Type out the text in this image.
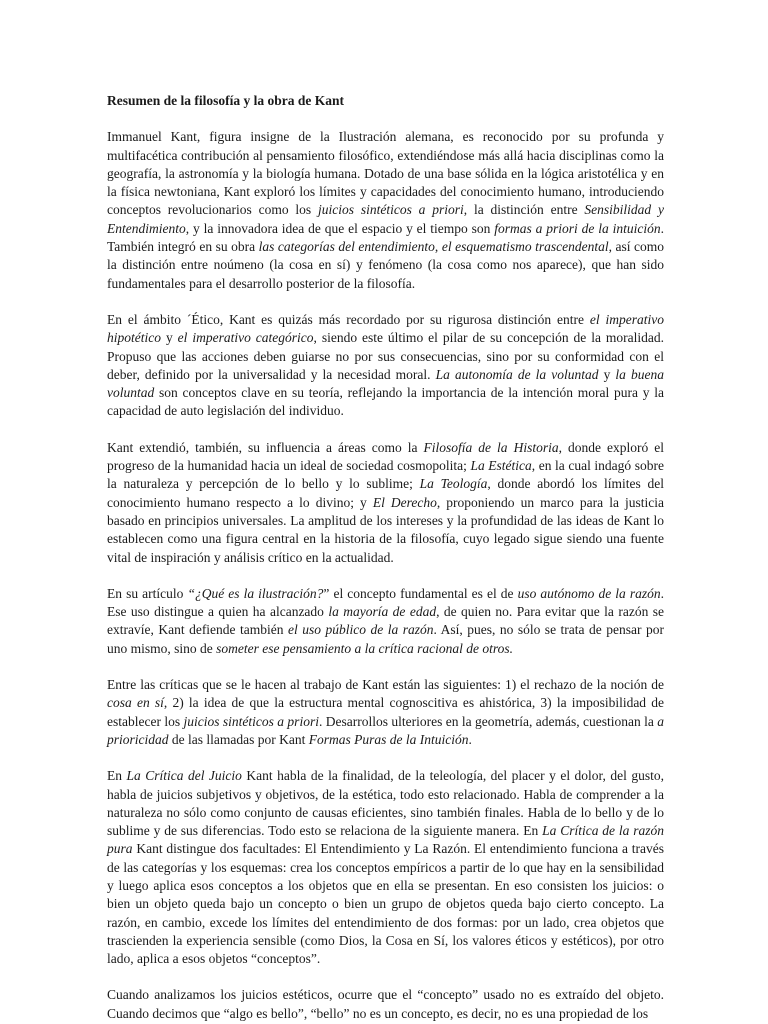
Resumen de la filosofía y la obra de Kant

Immanuel Kant, figura insigne de la Ilustración alemana, es reconocido por su profunda y multifacética contribución al pensamiento filosófico, extendiéndose más allá hacia disciplinas como la geografía, la astronomía y la biología humana. Dotado de una base sólida en la lógica aristotélica y en la física newtoniana, Kant exploró los límites y capacidades del conocimiento humano, introduciendo conceptos revolucionarios como los juicios sintéticos a priori, la distinción entre Sensibilidad y Entendimiento, y la innovadora idea de que el espacio y el tiempo son formas a priori de la intuición. También integró en su obra las categorías del entendimiento, el esquematismo trascendental, así como la distinción entre noúmeno (la cosa en sí) y fenómeno (la cosa como nos aparece), que han sido fundamentales para el desarrollo posterior de la filosofía.

En el ámbito ´Ético, Kant es quizás más recordado por su rigurosa distinción entre el imperativo hipotético y el imperativo categórico, siendo este último el pilar de su concepción de la moralidad. Propuso que las acciones deben guiarse no por sus consecuencias, sino por su conformidad con el deber, definido por la universalidad y la necesidad moral. La autonomía de la voluntad y la buena voluntad son conceptos clave en su teoría, reflejando la importancia de la intención moral pura y la capacidad de auto legislación del individuo.

Kant extendió, también, su influencia a áreas como la Filosofía de la Historia, donde exploró el progreso de la humanidad hacia un ideal de sociedad cosmopolita; La Estética, en la cual indagó sobre la naturaleza y percepción de lo bello y lo sublime; La Teología, donde abordó los límites del conocimiento humano respecto a lo divino; y El Derecho, proponiendo un marco para la justicia basado en principios universales. La amplitud de los intereses y la profundidad de las ideas de Kant lo establecen como una figura central en la historia de la filosofía, cuyo legado sigue siendo una fuente vital de inspiración y análisis crítico en la actualidad.

En su artículo “¿Qué es la ilustración?” el concepto fundamental es el de uso autónomo de la razón. Ese uso distingue a quien ha alcanzado la mayoría de edad, de quien no. Para evitar que la razón se extravíe, Kant defiende también el uso público de la razón. Así, pues, no sólo se trata de pensar por uno mismo, sino de someter ese pensamiento a la crítica racional de otros.

Entre las críticas que se le hacen al trabajo de Kant están las siguientes: 1) el rechazo de la noción de cosa en sí, 2) la idea de que la estructura mental cognoscitiva es ahistórica, 3) la imposibilidad de establecer los juicios sintéticos a priori. Desarrollos ulteriores en la geometría, además, cuestionan la a prioricidad de las llamadas por Kant Formas Puras de la Intuición.

En La Crítica del Juicio Kant habla de la finalidad, de la teleología, del placer y el dolor, del gusto, habla de juicios subjetivos y objetivos, de la estética, todo esto relacionado. Habla de comprender a la naturaleza no sólo como conjunto de causas eficientes, sino también finales. Habla de lo bello y de lo sublime y de sus diferencias. Todo esto se relaciona de la siguiente manera. En La Crítica de la razón pura Kant distingue dos facultades: El Entendimiento y La Razón. El entendimiento funciona a través de las categorías y los esquemas: crea los conceptos empíricos a partir de lo que hay en la sensibilidad y luego aplica esos conceptos a los objetos que en ella se presentan. En eso consisten los juicios: o bien un objeto queda bajo un concepto o bien un grupo de objetos queda bajo cierto concepto. La razón, en cambio, excede los límites del entendimiento de dos formas: por un lado, crea objetos que trascienden la experiencia sensible (como Dios, la Cosa en Sí, los valores éticos y estéticos), por otro lado, aplica a esos objetos “conceptos”.

Cuando analizamos los juicios estéticos, ocurre que el “concepto” usado no es extraído del objeto. Cuando decimos que “algo es bello”, “bello” no es un concepto, es decir, no es una propiedad de los
